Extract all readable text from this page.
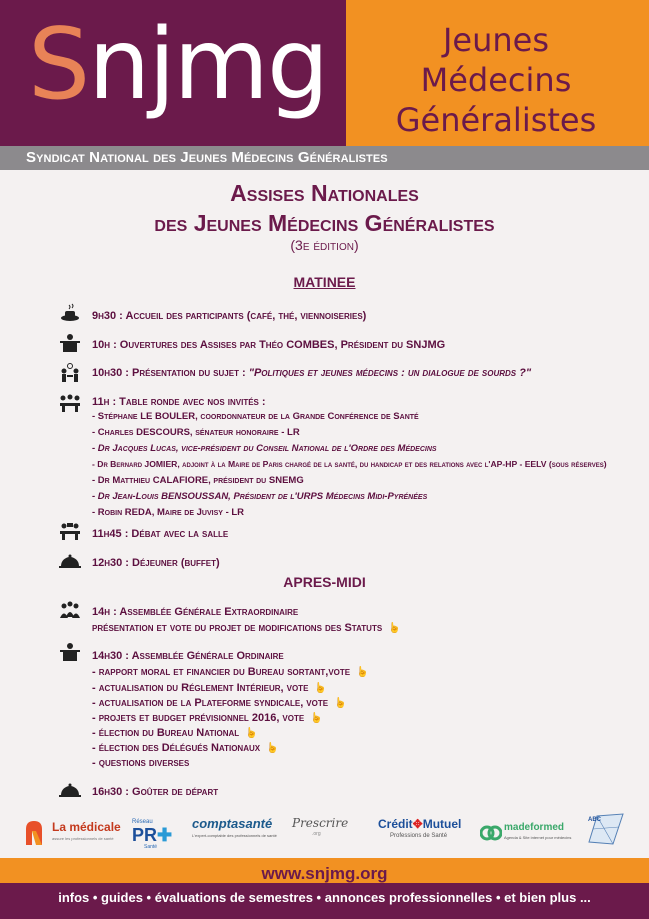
Snjmg	Jeunes
Médecins
Généralistes
Syndicat National des Jeunes Médecins Généralistes
Assises Nationales
des Jeunes Médecins Généralistes
(3e édition)
MATINEE
9h30 : Accueil des participants (café, thé, viennoiseries)
10h : Ouvertures des Assises par Théo COMBES, Président du SNJMG
10h30 : Présentation du sujet : "Politiques et jeunes médecins : un dialogue de sourds ?"
11h : Table ronde avec nos invités :
- Stéphane LE BOULER, coordonnateur de la Grande Conférence de Santé
- Charles DESCOURS, sénateur honoraire - LR
- Dr Jacques Lucas, vice-président du Conseil National de l'Ordre des Médecins
- Dr Bernard JOMIER, adjoint à la Maire de Paris chargé de la santé, du handicap et des relations avec l'AP-HP - EELV (sous réserves)
- Dr Matthieu CALAFIORE, président du SNEMG
- Dr Jean-Louis BENSOUSSAN, Président de l'URPS Médecins Midi-Pyrénées
- Robin REDA, Maire de Juvisy - LR
11h45 : Débat avec la salle
12h30 : Déjeuner (buffet)
APRES-MIDI
14h : Assemblée Générale Extraordinaire
présentation et vote du projet de modifications des Statuts ☝
14h30 : Assemblée Générale Ordinaire
- rapport moral et financier du Bureau sortant,vote ☝
- actualisation du Réglement Intérieur, vote ☝
- actualisation de la Plateforme syndicale, vote ☝
- projets et budget prévisionnel 2016, vote ☝
- élection du Bureau National ☝
- élection des Délégués Nationaux ☝
- questions diverses
16h30 : Goûter de départ
La médicale
assure les professionnels de santé
Réseau
PR✚
Santé
comptasanté
L'expert-comptable des professionnels de santé
Prescrire
.org
Crédit✥Mutuel
Professions de Santé
madeformed
Agenda & Site internet pour médecins
ABC
www.snjmg.org
infos • guides • évaluations de semestres • annonces professionnelles • et bien plus ...
